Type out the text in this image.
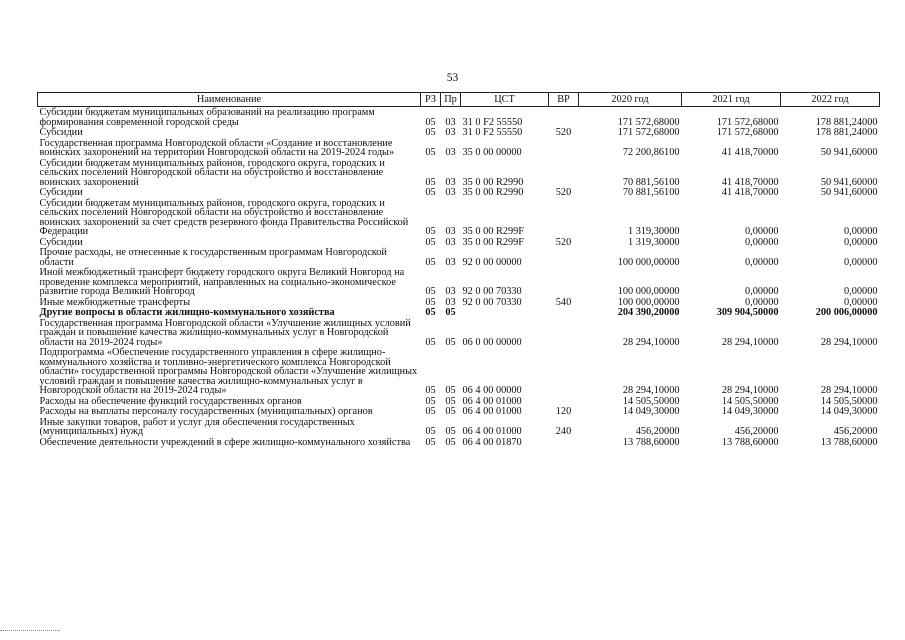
53
Наименование	РЗ	Пр	ЦСТ	ВР	2020 год	2021 год	2022 год
Субсидии бюджетам муниципальных образований на реализацию программ формирования современной городской среды	05	03	31 0 F2 55550		171 572,68000	171 572,68000	178 881,24000
Субсидии	05	03	31 0 F2 55550	520	171 572,68000	171 572,68000	178 881,24000
Государственная программа Новгородской области «Создание и восстановление воинских захоронений на территории Новгородской области на 2019-2024 годы»	05	03	35 0 00 00000		72 200,86100	41 418,70000	50 941,60000
Субсидии бюджетам муниципальных районов, городского округа, городских и сельских поселений Новгородской области на обустройство и восстановление воинских захоронений	05	03	35 0 00 R2990		70 881,56100	41 418,70000	50 941,60000
Субсидии	05	03	35 0 00 R2990	520	70 881,56100	41 418,70000	50 941,60000
Субсидии бюджетам муниципальных районов, городского округа, городских и сельских поселений Новгородской области на обустройство и восстановление воинских захоронений за счет средств резервного фонда Правительства Российской Федерации	05	03	35 0 00 R299F		1 319,30000	0,00000	0,00000
Субсидии	05	03	35 0 00 R299F	520	1 319,30000	0,00000	0,00000
Прочие расходы, не отнесенные к государственным программам Новгородской области	05	03	92 0 00 00000		100 000,00000	0,00000	0,00000
Иной межбюджетный трансферт бюджету городского округа Великий Новгород на проведение комплекса мероприятий, направленных на социально-экономическое развитие города Великий Новгород	05	03	92 0 00 70330		100 000,00000	0,00000	0,00000
Иные межбюджетные трансферты	05	03	92 0 00 70330	540	100 000,00000	0,00000	0,00000
Другие вопросы в области жилищно-коммунального хозяйства	05	05			204 390,20000	309 904,50000	200 006,00000
Государственная программа Новгородской области «Улучшение жилищных условий граждан и повышение качества жилищно-коммунальных услуг в Новгородской области на 2019-2024 годы»	05	05	06 0 00 00000		28 294,10000	28 294,10000	28 294,10000
Подпрограмма «Обеспечение государственного управления в сфере жилищно-коммунального хозяйства и топливно-энергетического комплекса Новгородской области» государственной программы Новгородской области «Улучшение жилищных условий граждан и повышение качества жилищно-коммунальных услуг в Новгородской области на 2019-2024 годы»	05	05	06 4 00 00000		28 294,10000	28 294,10000	28 294,10000
Расходы на обеспечение функций государственных органов	05	05	06 4 00 01000		14 505,50000	14 505,50000	14 505,50000
Расходы на выплаты персоналу государственных (муниципальных) органов	05	05	06 4 00 01000	120	14 049,30000	14 049,30000	14 049,30000
Иные закупки товаров, работ и услуг для обеспечения государственных (муниципальных) нужд	05	05	06 4 00 01000	240	456,20000	456,20000	456,20000
Обеспечение деятельности учреждений в сфере жилищно-коммунального хозяйства	05	05	06 4 00 01870		13 788,60000	13 788,60000	13 788,60000
